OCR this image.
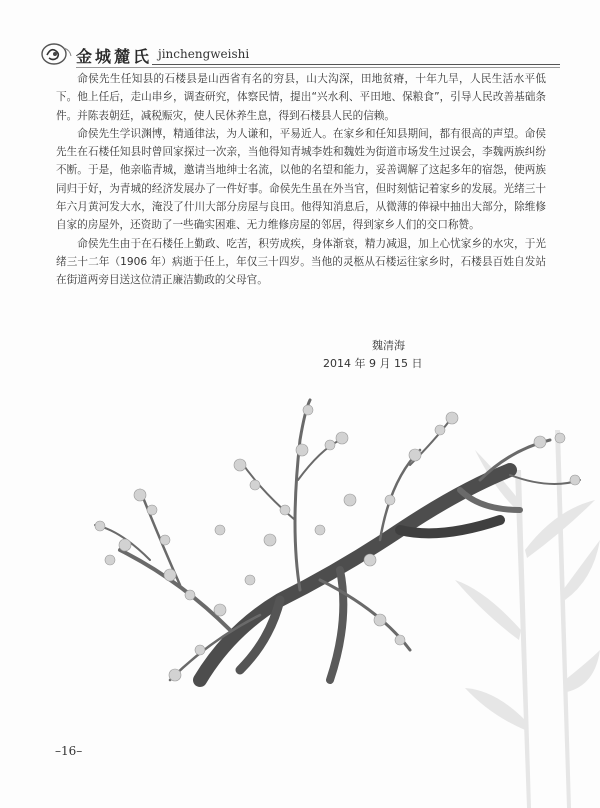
金城麓氏 jinchengweishi

命侯先生任知县的石楼县是山西省有名的穷县，山大沟深，田地贫瘠，十年九旱，人民生活水平低下。他上任后，走山串乡，调查研究，体察民情，提出“兴水利、平田地、保粮食”，引导人民改善基础条件。并陈表朝廷，减税赈灾，使人民休养生息，得到石楼县人民的信赖。

命侯先生学识渊博，精通律法，为人谦和，平易近人。在家乡和任知县期间，都有很高的声望。命侯先生在石楼任知县时曾回家探过一次亲，当他得知青城李姓和魏姓为街道市场发生过误会，李魏两族纠纷不断。于是，他亲临青城，邀请当地绅士名流，以他的名望和能力，妥善调解了这起多年的宿怨，使两族同归于好，为青城的经济发展办了一件好事。命侯先生虽在外当官，但时刻惦记着家乡的发展。光绪三十年六月黄河发大水，淹没了什川大部分房屋与良田。他得知消息后，从微薄的俸禄中抽出大部分，除维修自家的房屋外，还资助了一些确实困难、无力维修房屋的邻居，得到家乡人们的交口称赞。

命侯先生由于在石楼任上勤政、吃苦，积劳成疾，身体渐衰，精力减退，加上心忧家乡的水灾，于光绪三十二年（1906 年）病逝于任上，年仅三十四岁。当他的灵柩从石楼运往家乡时，石楼县百姓自发站在街道两旁目送这位清正廉洁勤政的父母官。

魏清海
2014 年 9 月 15 日
–16–
